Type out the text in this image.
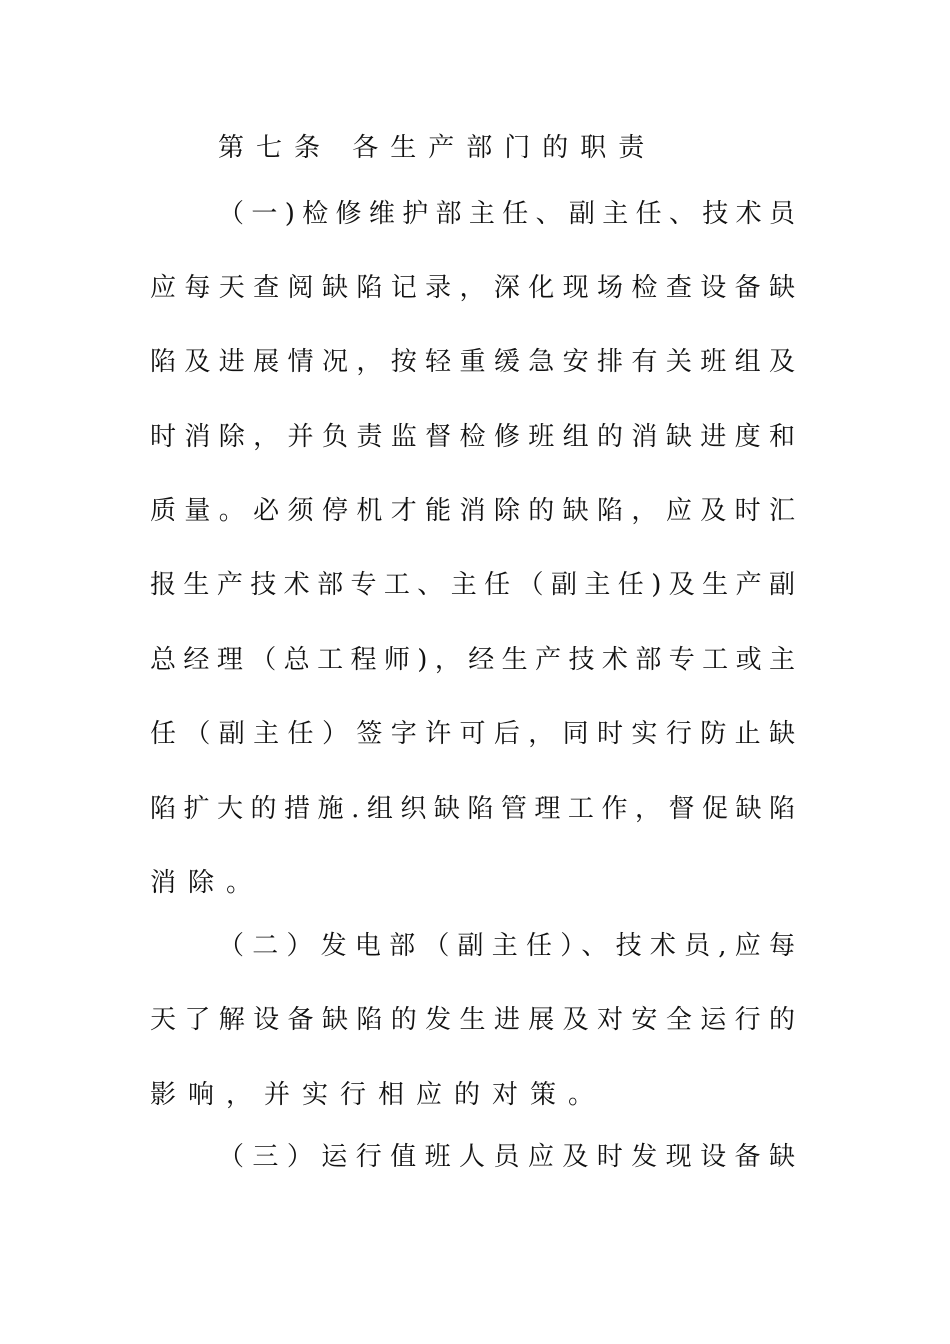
第七条 各生产部门的职责
（一)检修维护部主任、副主任、技术员
应每天查阅缺陷记录，深化现场检查设备缺
陷及进展情况，按轻重缓急安排有关班组及
时消除，并负责监督检修班组的消缺进度和
质量。必须停机才能消除的缺陷，应及时汇
报生产技术部专工、主任（副主任)及生产副
总经理（总工程师)，经生产技术部专工或主
任（副主任）签字许可后，同时实行防止缺
陷扩大的措施.组织缺陷管理工作，督促缺陷
消除。
（二）发电部（副主任）、技术员,应每
天了解设备缺陷的发生进展及对安全运行的
影响，并实行相应的对策。
（三）运行值班人员应及时发现设备缺
